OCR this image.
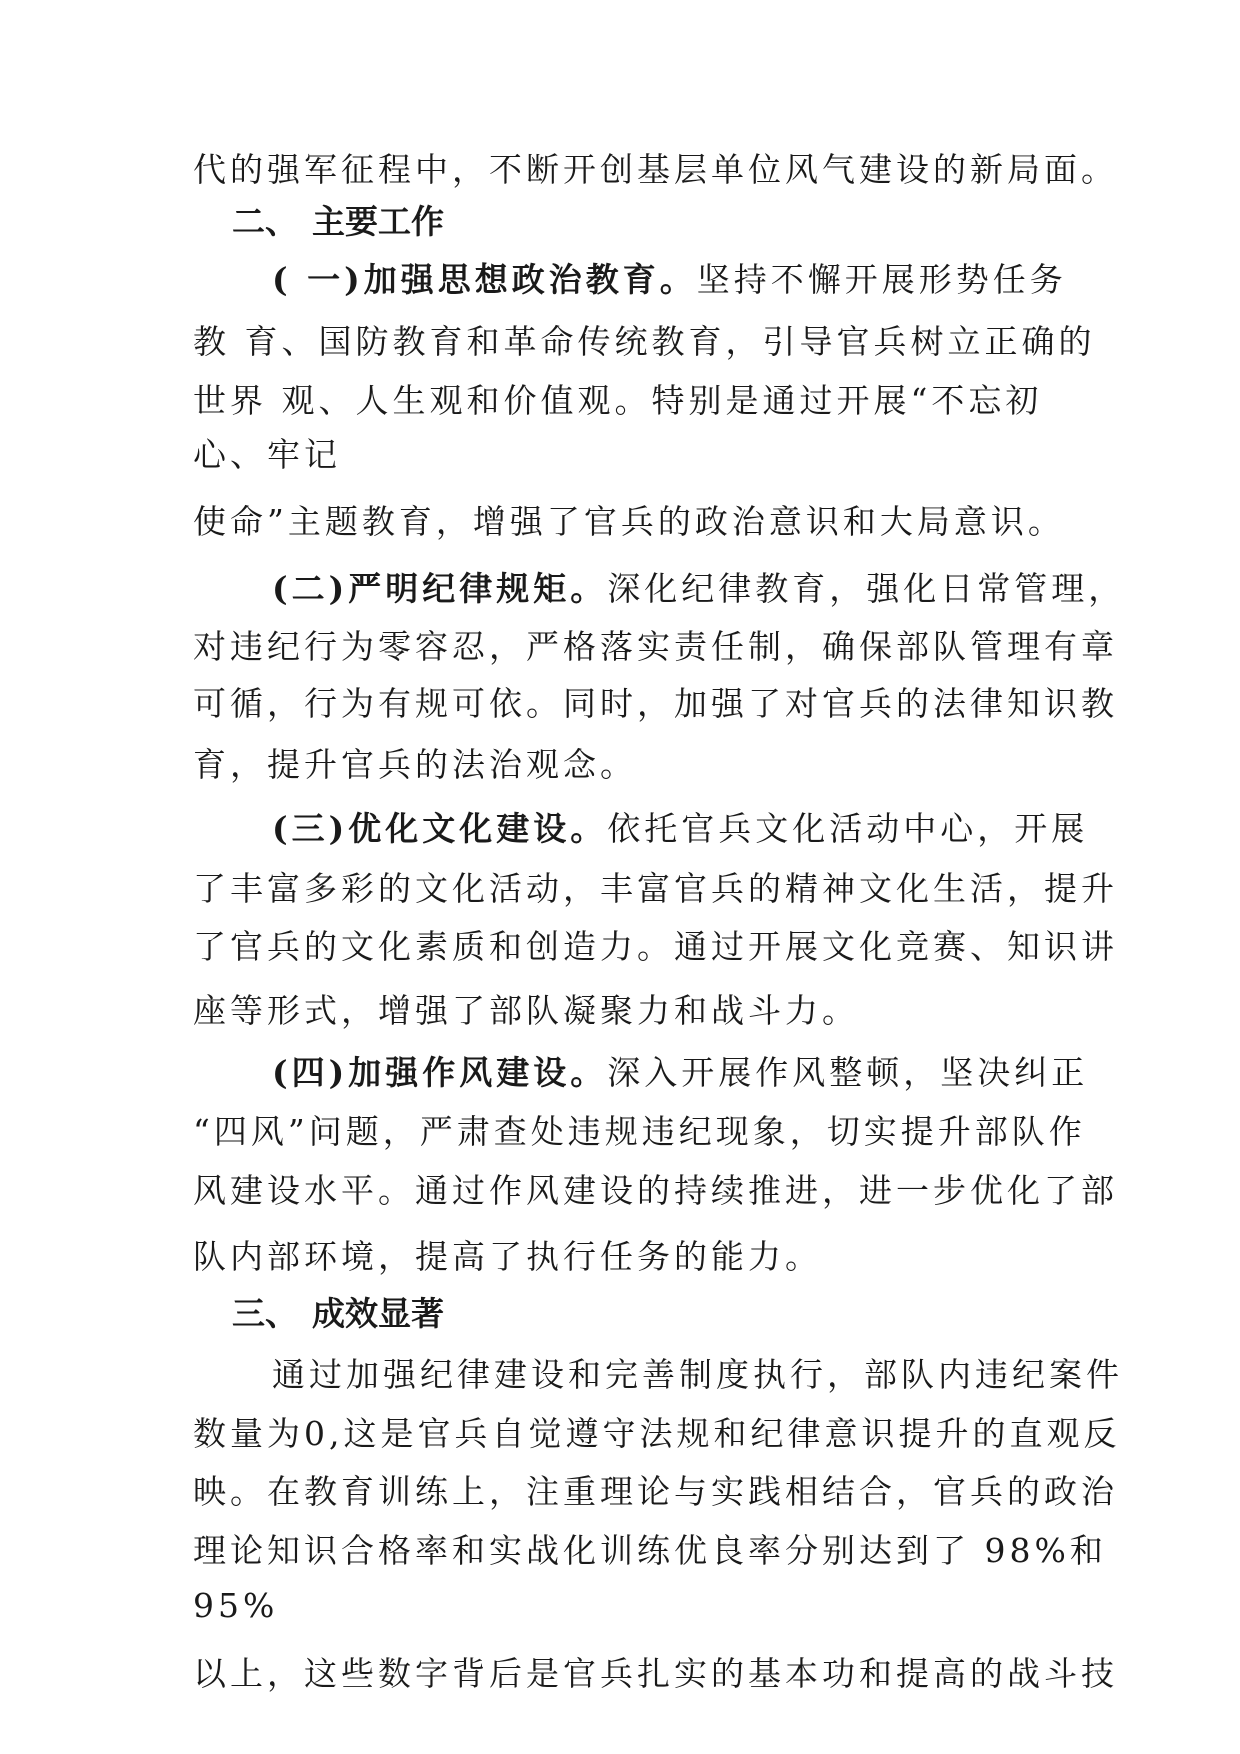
代的强军征程中，不断开创基层单位风气建设的新局面。
二、 主要工作
( 一)加强思想政治教育。坚持不懈开展形势任务
教 育、国防教育和革命传统教育，引导官兵树立正确的
世界 观、人生观和价值观。特别是通过开展“不忘初
心、牢记
使命”主题教育，增强了官兵的政治意识和大局意识。
(二)严明纪律规矩。深化纪律教育，强化日常管理，
对违纪行为零容忍，严格落实责任制，确保部队管理有章
可循，行为有规可依。同时，加强了对官兵的法律知识教
育，提升官兵的法治观念。
(三)优化文化建设。依托官兵文化活动中心，开展
了丰富多彩的文化活动，丰富官兵的精神文化生活，提升
了官兵的文化素质和创造力。通过开展文化竞赛、知识讲
座等形式，增强了部队凝聚力和战斗力。
(四)加强作风建设。深入开展作风整顿，坚决纠正
“四风”问题，严肃查处违规违纪现象，切实提升部队作
风建设水平。通过作风建设的持续推进，进一步优化了部
队内部环境，提高了执行任务的能力。
三、 成效显著
通过加强纪律建设和完善制度执行，部队内违纪案件
数量为0,这是官兵自觉遵守法规和纪律意识提升的直观反
映。在教育训练上，注重理论与实践相结合，官兵的政治
理论知识合格率和实战化训练优良率分别达到了 98%和
95%
以上，这些数字背后是官兵扎实的基本功和提高的战斗技
